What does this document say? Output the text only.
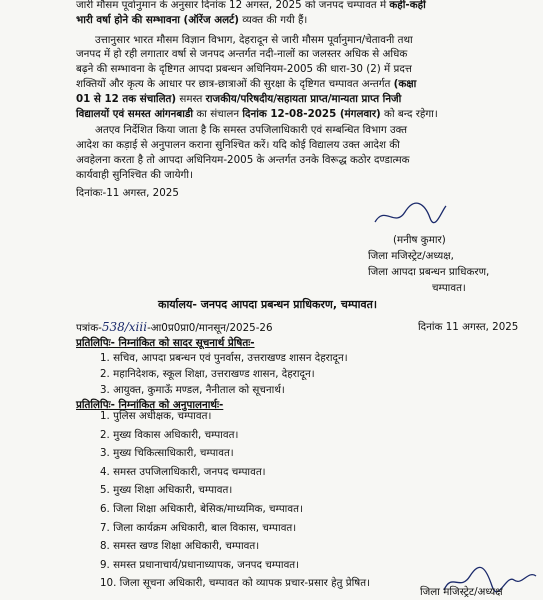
जारी मौसम पूर्वानुमान के अनुसार दिनांक 12 अगस्त, 2025 को जनपद चम्पावत में कहीं-कहीं
भारी वर्षा होने की सम्भावना (ऑरेंज अलर्ट) व्यक्त की गयी हैं।
उत्तानुसार भारत मौसम विज्ञान विभाग, देहरादून से जारी मौसम पूर्वानुमान/चेतावनी तथा
जनपद में हो रही लगातार वर्षा से जनपद अन्तर्गत नदी-नालों का जलस्तर अधिक से अधिक
बढ़ने की सम्भावना के दृष्टिगत आपदा प्रबन्धन अधिनियम-2005 की धारा-30 (2) में प्रदत्त
शक्तियों और कृत्य के आधार पर छात्र-छात्राओं की सुरक्षा के दृष्टिगत चम्पावत अन्तर्गत (कक्षा
01 से 12 तक संचालित) समस्त राजकीय/परिषदीय/सहायता प्राप्त/मान्यता प्राप्त निजी
विद्यालयों एवं समस्त आंगनबाडी का संचालन दिनांक 12-08-2025 (मंगलवार) को बन्द रहेगा।
अतएव निर्देशित किया जाता है कि समस्त उपजिलाधिकारी एवं सम्बन्धित विभाग उक्त
आदेश का कड़ाई से अनुपालन कराना सुनिश्चित करें। यदि कोई विद्यालय उक्त आदेश की
अवहेलना करता है तो आपदा अधिनियम-2005 के अन्तर्गत उनके विरूद्ध कठोर दण्डात्मक
कार्यवाही सुनिश्चित की जायेगी।
दिनांकः-11 अगस्त, 2025
(मनीष कुमार)
जिला मजिस्ट्रेट/अध्यक्ष,
जिला आपदा प्रबन्धन प्राधिकरण,
चम्पावत।
कार्यालय- जनपद आपदा प्रबन्धन प्राधिकरण, चम्पावत।
पत्रांक-538/xiii-आ0प्र0प्रा0/मानसून/2025-26	दिनांक 11 अगस्त, 2025
प्रतिलिपिः- निम्नांकित को सादर सूचनार्थ प्रेषितः-
1. सचिव, आपदा प्रबन्धन एवं पुनर्वास, उत्तराखण्ड शासन देहरादून।
2. महानिदेशक, स्कूल शिक्षा, उत्तराखण्ड शासन, देहरादून।
3. आयुक्त, कुमाऊँ मण्डल, नैनीताल को सूचनार्थ।
प्रतिलिपिः- निम्नांकित को अनुपालनार्थः-
1. पुलिस अधीक्षक, चम्पावत।
2. मुख्य विकास अधिकारी, चम्पावत।
3. मुख्य चिकित्साधिकारी, चम्पावत।
4. समस्त उपजिलाधिकारी, जनपद चम्पावत।
5. मुख्य शिक्षा अधिकारी, चम्पावत।
6. जिला शिक्षा अधिकारी, बेसिक/माध्यमिक, चम्पावत।
7. जिला कार्यक्रम अधिकारी, बाल विकास, चम्पावत।
8. समस्त खण्ड शिक्षा अधिकारी, चम्पावत।
9. समस्त प्रधानाचार्य/प्रधानाध्यापक, जनपद चम्पावत।
10. जिला सूचना अधिकारी, चम्पावत को व्यापक प्रचार-प्रसार हेतु प्रेषित।
जिला मजिस्ट्रेट/अध्यक्ष
